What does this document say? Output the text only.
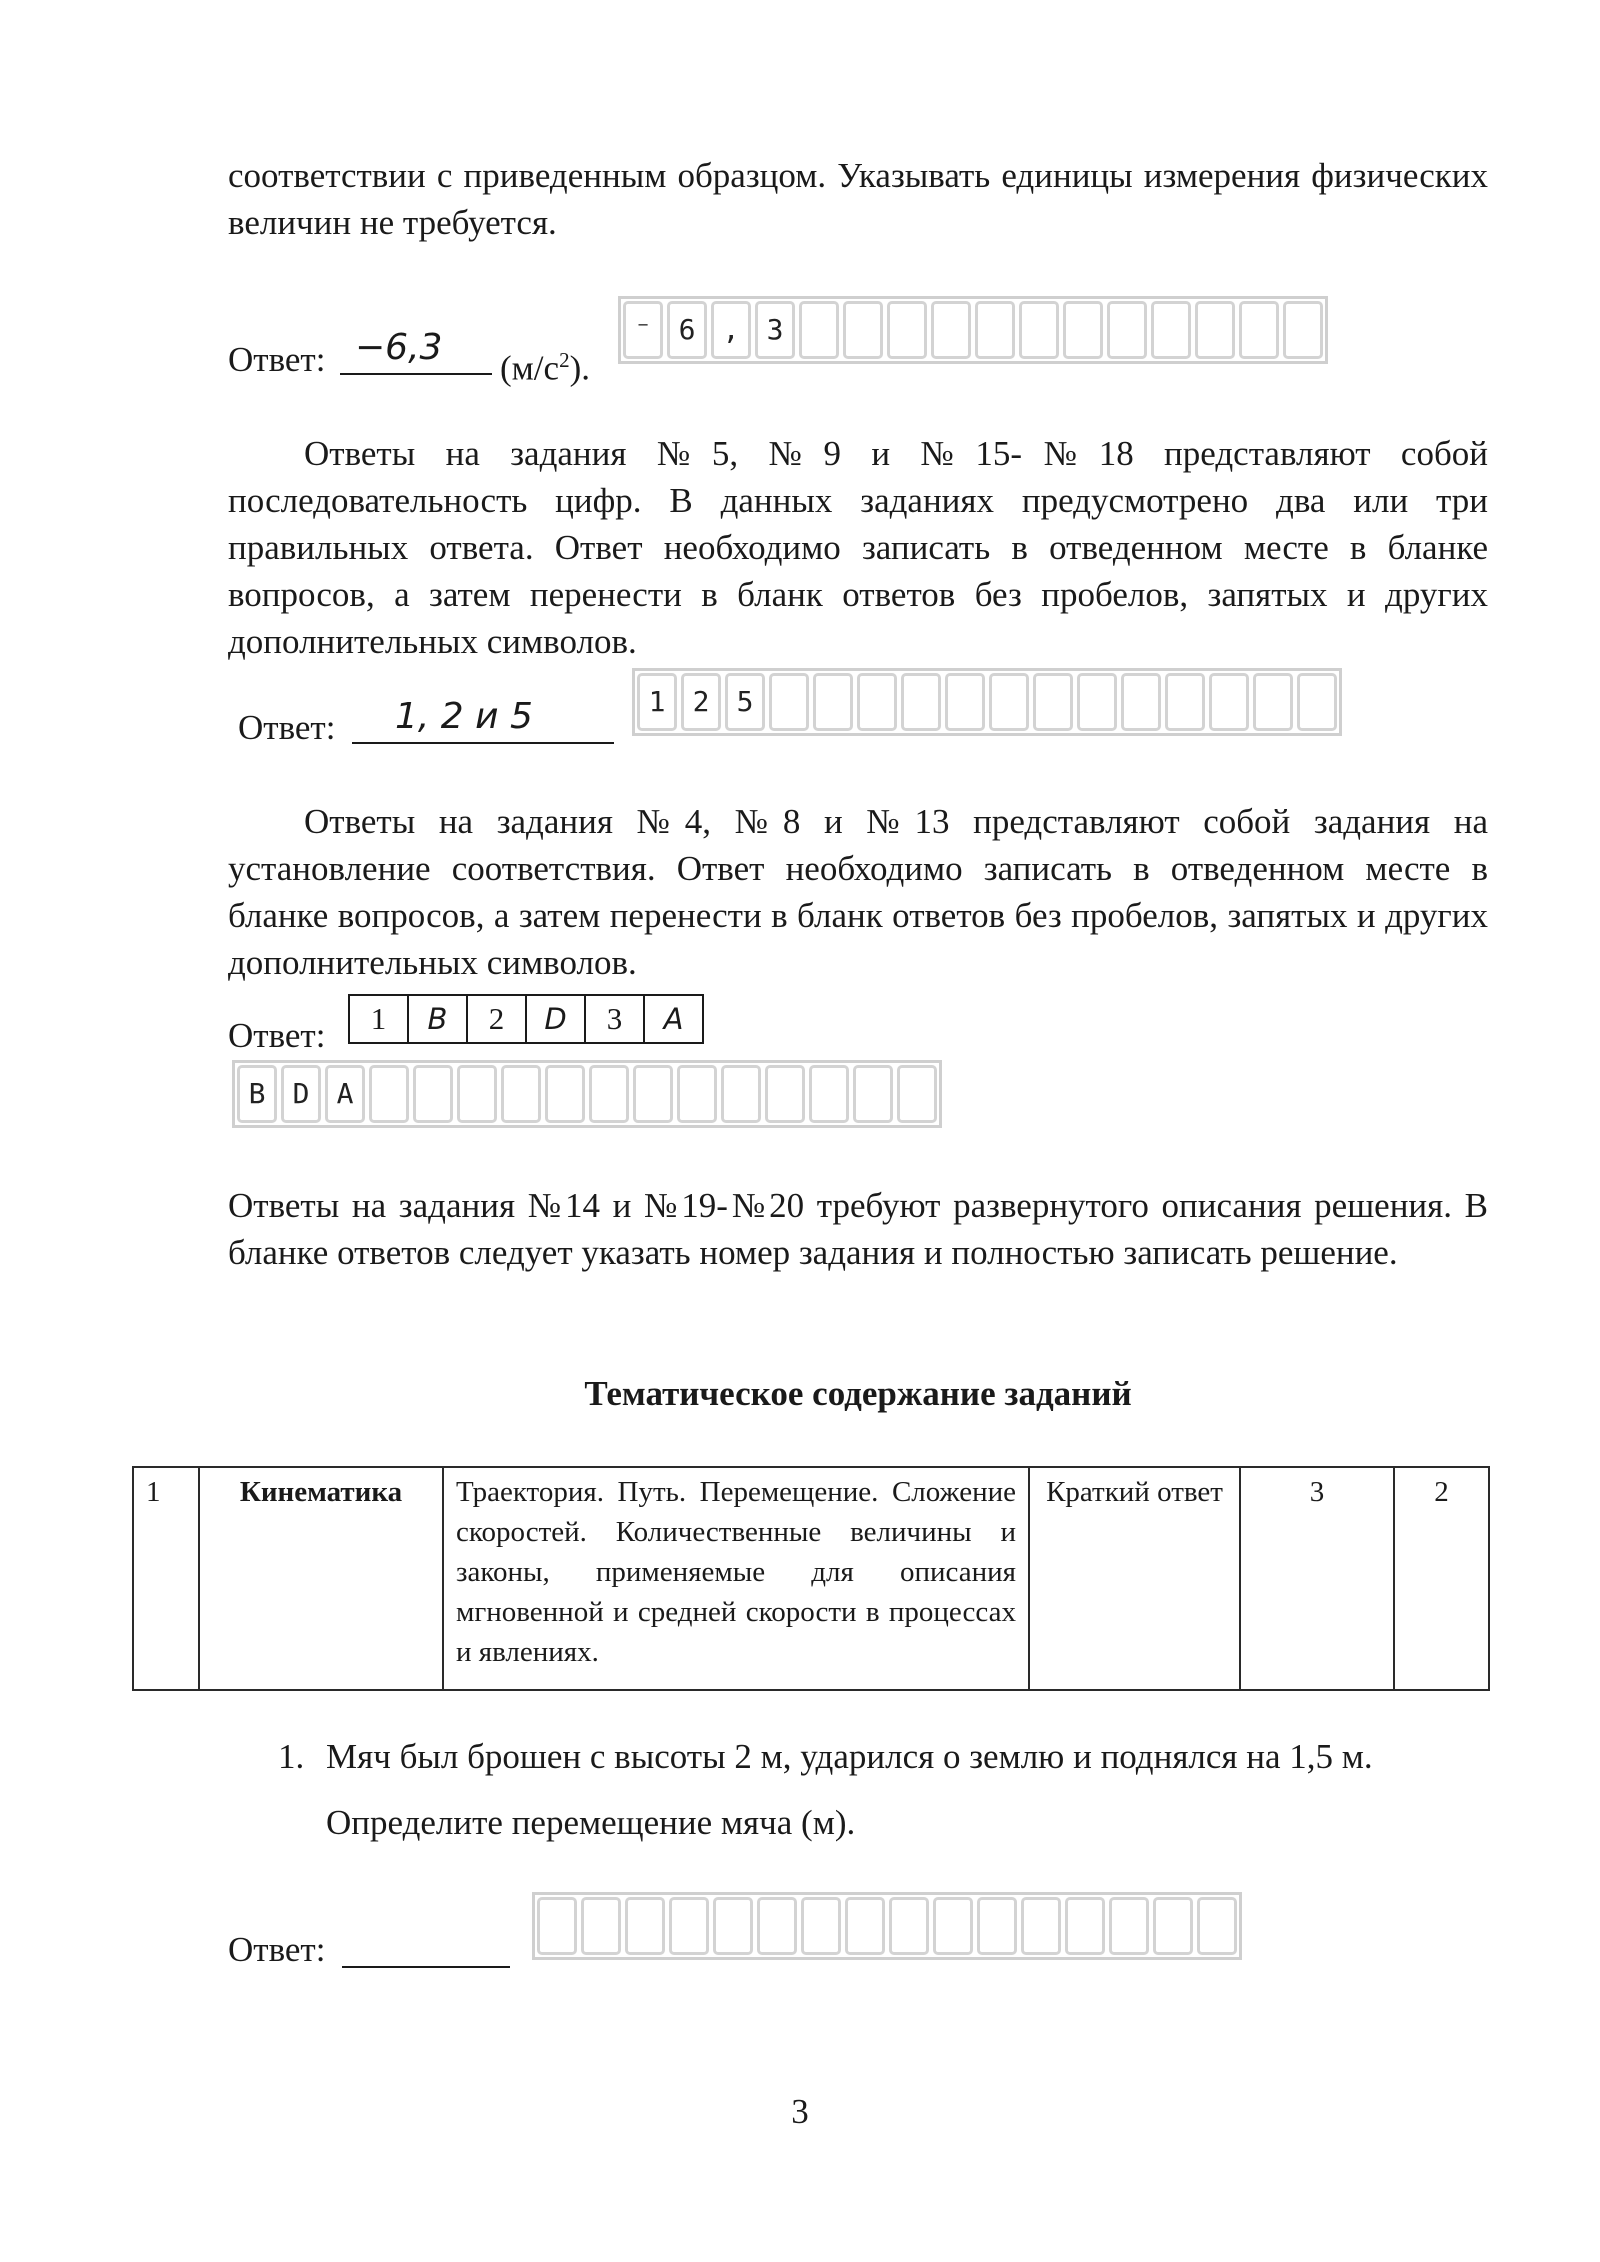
соответствии с приведенным образцом. Указывать единицы измерения физических величин не требуется.

Ответ: −6,3
$(м/с^2)$.
⁻ 6 , 3

Ответы на задания №5, №9 и №15-№18 представляют собой последовательность цифр. В данных заданиях предусмотрено два или три правильных ответа. Ответ необходимо записать в отведенном месте в бланке вопросов, а затем перенести в бланк ответов без пробелов, запятых и других дополнительных символов.

Ответ: 1, 2 и 5	1 2 5

Ответы на задания №4, №8 и №13 представляют собой задания на установление соответствия. Ответ необходимо записать в отведенном месте в бланке вопросов, а затем перенести в бланк ответов без пробелов, запятых и других дополнительных символов.

Ответ:	1	B	2	D	3	A
B D A

Ответы на задания №14 и №19-№20 требуют развернутого описания решения. В бланке ответов следует указать номер задания и полностью записать решение.

Тематическое содержание заданий
1	Кинематика	Траектория. Путь. Перемещение. Сложение скоростей. Количественные величины и законы, применяемые для описания мгновенной и средней скорости в процессах и явлениях.	Краткий ответ	3	2
1. Мяч был брошен с высоты 2 м, ударился о землю и поднялся на 1,5 м. Определите перемещение мяча (м).
Ответ:
3
